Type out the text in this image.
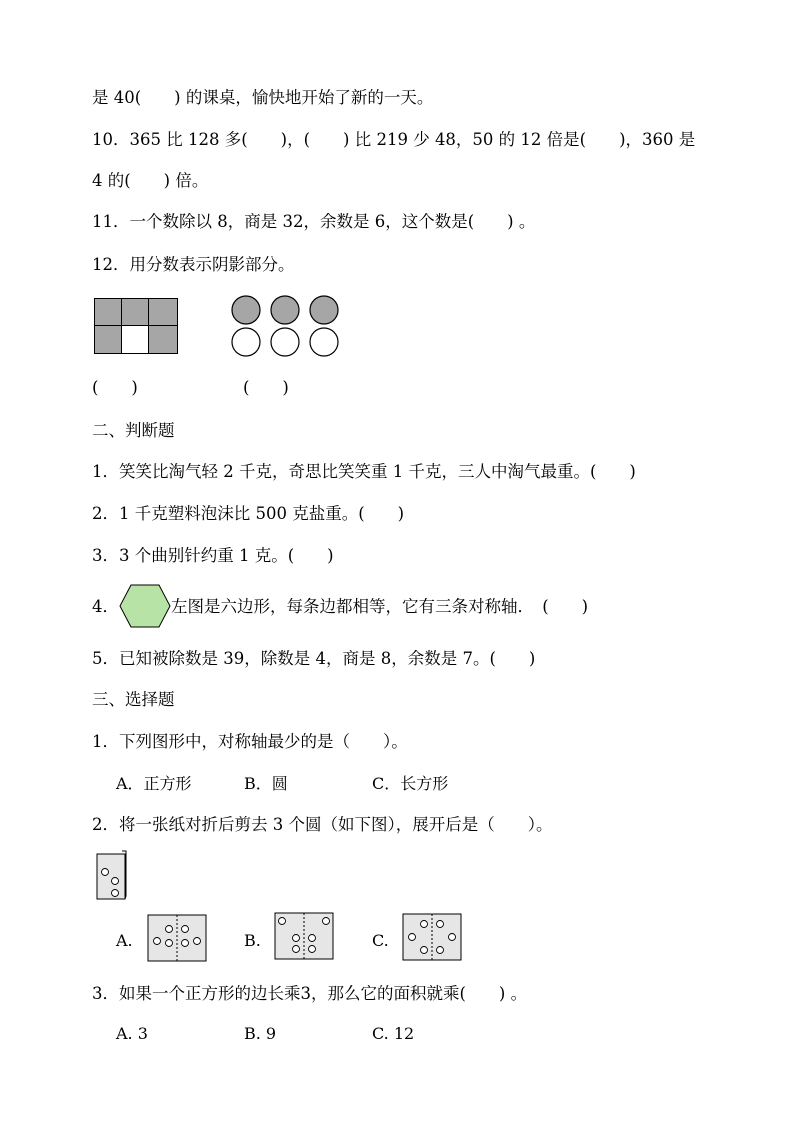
是 40(　　) 的课桌，愉快地开始了新的一天。
10．365 比 128 多(　　)，(　　) 比 219 少 48，50 的 12 倍是(　　)，360 是
4 的(　　) 倍。
11．一个数除以 8，商是 32，余数是 6，这个数是(　　) 。
12．用分数表示阴影部分。
(　　)	(　　)
二、判断题
1．笑笑比淘气轻 2 千克，奇思比笑笑重 1 千克，三人中淘气最重。(　　)
2．1 千克塑料泡沫比 500 克盐重。(　　)
3．3 个曲别针约重 1 克。(　　)
4．	左图是六边形，每条边都相等，它有三条对称轴．　(　　)
5．已知被除数是 39，除数是 4，商是 8，余数是 7。(　　)
三、选择题
1．下列图形中，对称轴最少的是（　　）。
A．正方形	B．圆	C．长方形
2．将一张纸对折后剪去 3 个圆（如下图），展开后是（　　）。
A.	B.	C.
3．如果一个正方形的边长乘3，那么它的面积就乘(　　) 。
A. 3	B. 9	C. 12
